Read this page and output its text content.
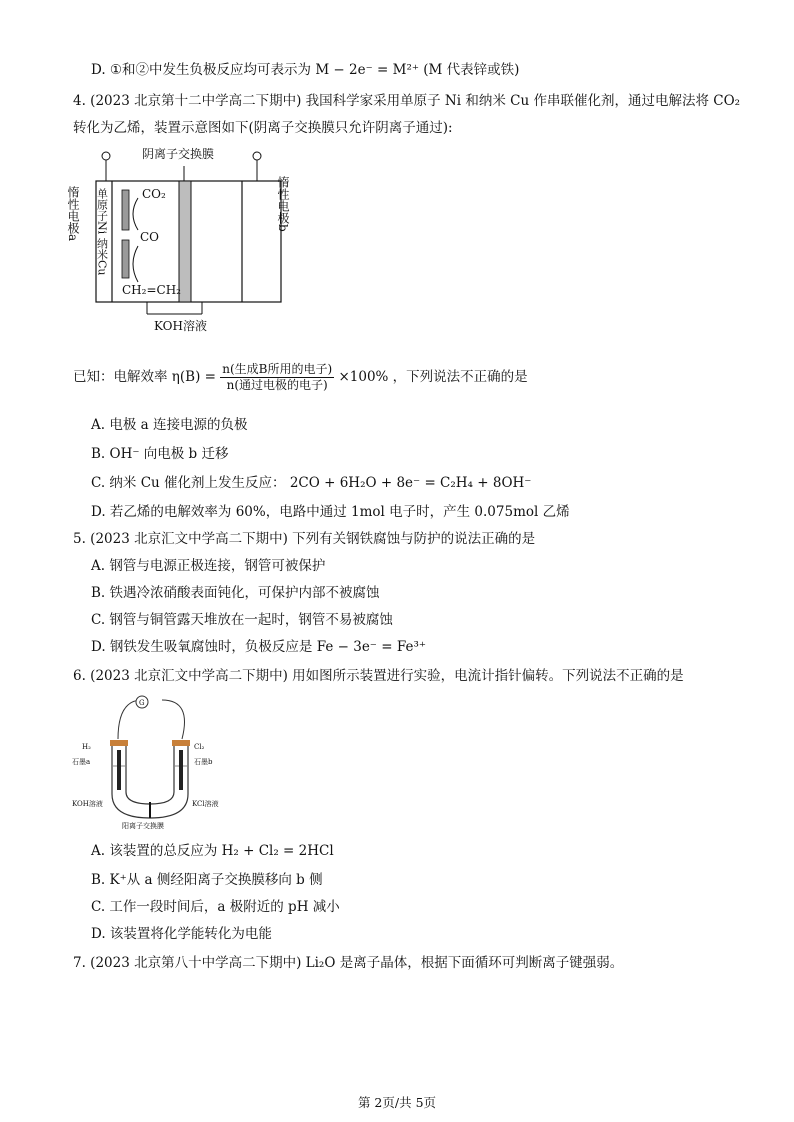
D. ①和②中发生负极反应均可表示为 M − 2e⁻ = M²⁺ (M 代表锌或铁)
4. (2023 北京第十二中学高二下期中) 我国科学家采用单原子 Ni 和纳米 Cu 作串联催化剂，通过电解法将 CO₂
转化为乙烯，装置示意图如下(阴离子交换膜只允许阴离子通过):
阴离子交换膜
CO₂
CO
CH₂=CH₂
惰性电极a 单原子Ni
纳米Cu
惰性电极b
KOH溶液
已知：电解效率 $\eta(B) = \frac{\text{n(生成B所用的电子)}}{\text{n(通过电极的电子)}} \times 100\%$ ，下列说法不正确的是
A. 电极 a 连接电源的负极
B. OH⁻ 向电极 b 迁移
C. 纳米 Cu 催化剂上发生反应： 2CO + 6H₂O + 8e⁻ = C₂H₄ + 8OH⁻
D. 若乙烯的电解效率为 60%，电路中通过 1mol 电子时，产生 0.075mol 乙烯
5. (2023 北京汇文中学高二下期中) 下列有关钢铁腐蚀与防护的说法正确的是
A. 钢管与电源正极连接，钢管可被保护
B. 铁遇冷浓硝酸表面钝化，可保护内部不被腐蚀
C. 钢管与铜管露天堆放在一起时，钢管不易被腐蚀
D. 钢铁发生吸氧腐蚀时，负极反应是 Fe − 3e⁻ = Fe³⁺
6. (2023 北京汇文中学高二下期中) 用如图所示装置进行实验，电流计指针偏转。下列说法不正确的是
G
H₂	Cl₂
石墨a	石墨b
KOH溶液	KCl溶液
阳离子交换膜
A. 该装置的总反应为 H₂ + Cl₂ = 2HCl
B. K⁺从 a 侧经阳离子交换膜移向 b 侧
C. 工作一段时间后，a 极附近的 pH 减小
D. 该装置将化学能转化为电能
7. (2023 北京第八十中学高二下期中) Li₂O 是离子晶体，根据下面循环可判断离子键强弱。
第 2页/共 5页
